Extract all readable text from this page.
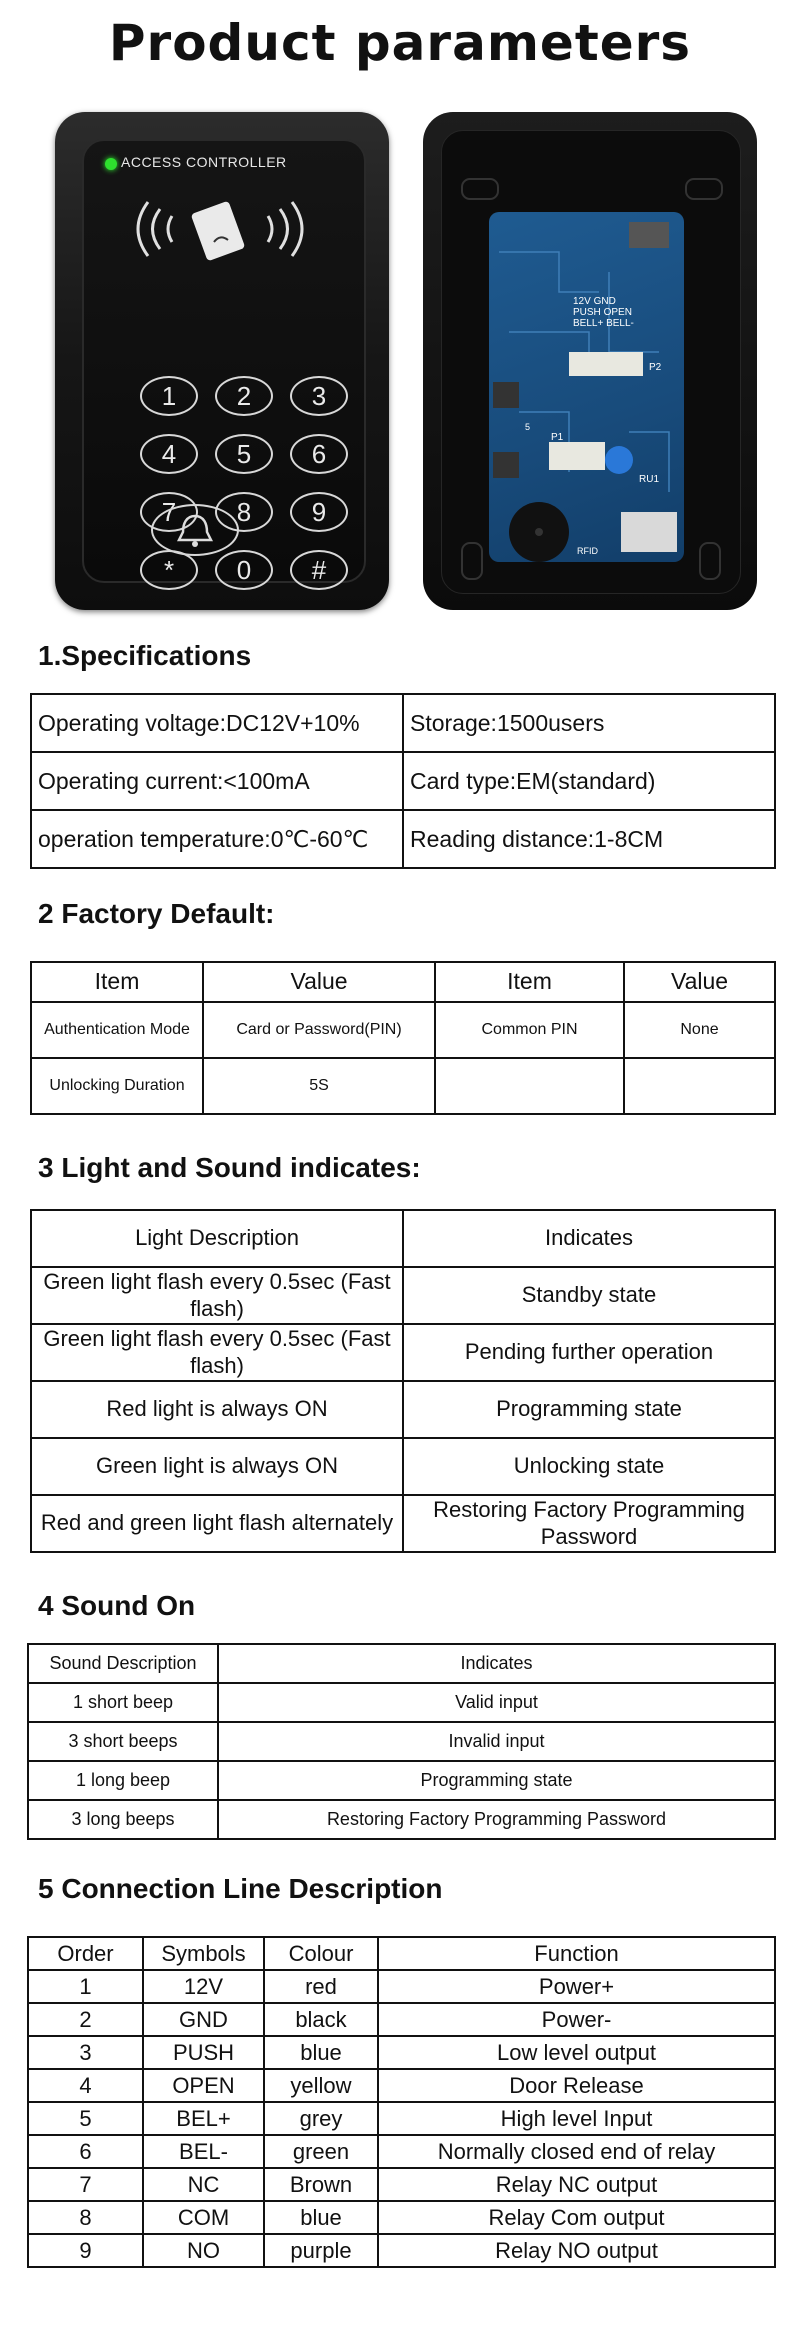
Product parameters
ACCESS CONTROLLER
1	2	3
4	5	6
7	8	9
*	0	#
12V GND PUSH OPEN BELL+ BELL-
P2
P1
RU1
RFID
5
1.Specifications
Operating voltage:DC12V+10%	Storage:1500users
Operating current:<100mA	Card type:EM(standard)
operation temperature:0℃-60℃	Reading distance:1-8CM
2 Factory Default:
Item	Value	Item	Value
Authentication Mode	Card or Password(PIN)	Common PIN	None
Unlocking Duration	5S		
3 Light and Sound indicates:
Light Description	Indicates
Green light flash every 0.5sec (Fast flash)	Standby state
Green light flash every 0.5sec (Fast flash)	Pending further operation
Red light is always ON	Programming state
Green light is always ON	Unlocking state
Red and green light flash alternately	Restoring Factory Programming Password
4 Sound On
Sound Description	Indicates
1 short beep	Valid input
3 short beeps	Invalid input
1 long beep	Programming state
3 long beeps	Restoring Factory Programming Password
5 Connection Line Description
Order	Symbols	Colour	Function
1	12V	red	Power+
2	GND	black	Power-
3	PUSH	blue	Low level output
4	OPEN	yellow	Door Release
5	BEL+	grey	High level Input
6	BEL-	green	Normally closed end of relay
7	NC	Brown	Relay NC output
8	COM	blue	Relay Com output
9	NO	purple	Relay NO output
